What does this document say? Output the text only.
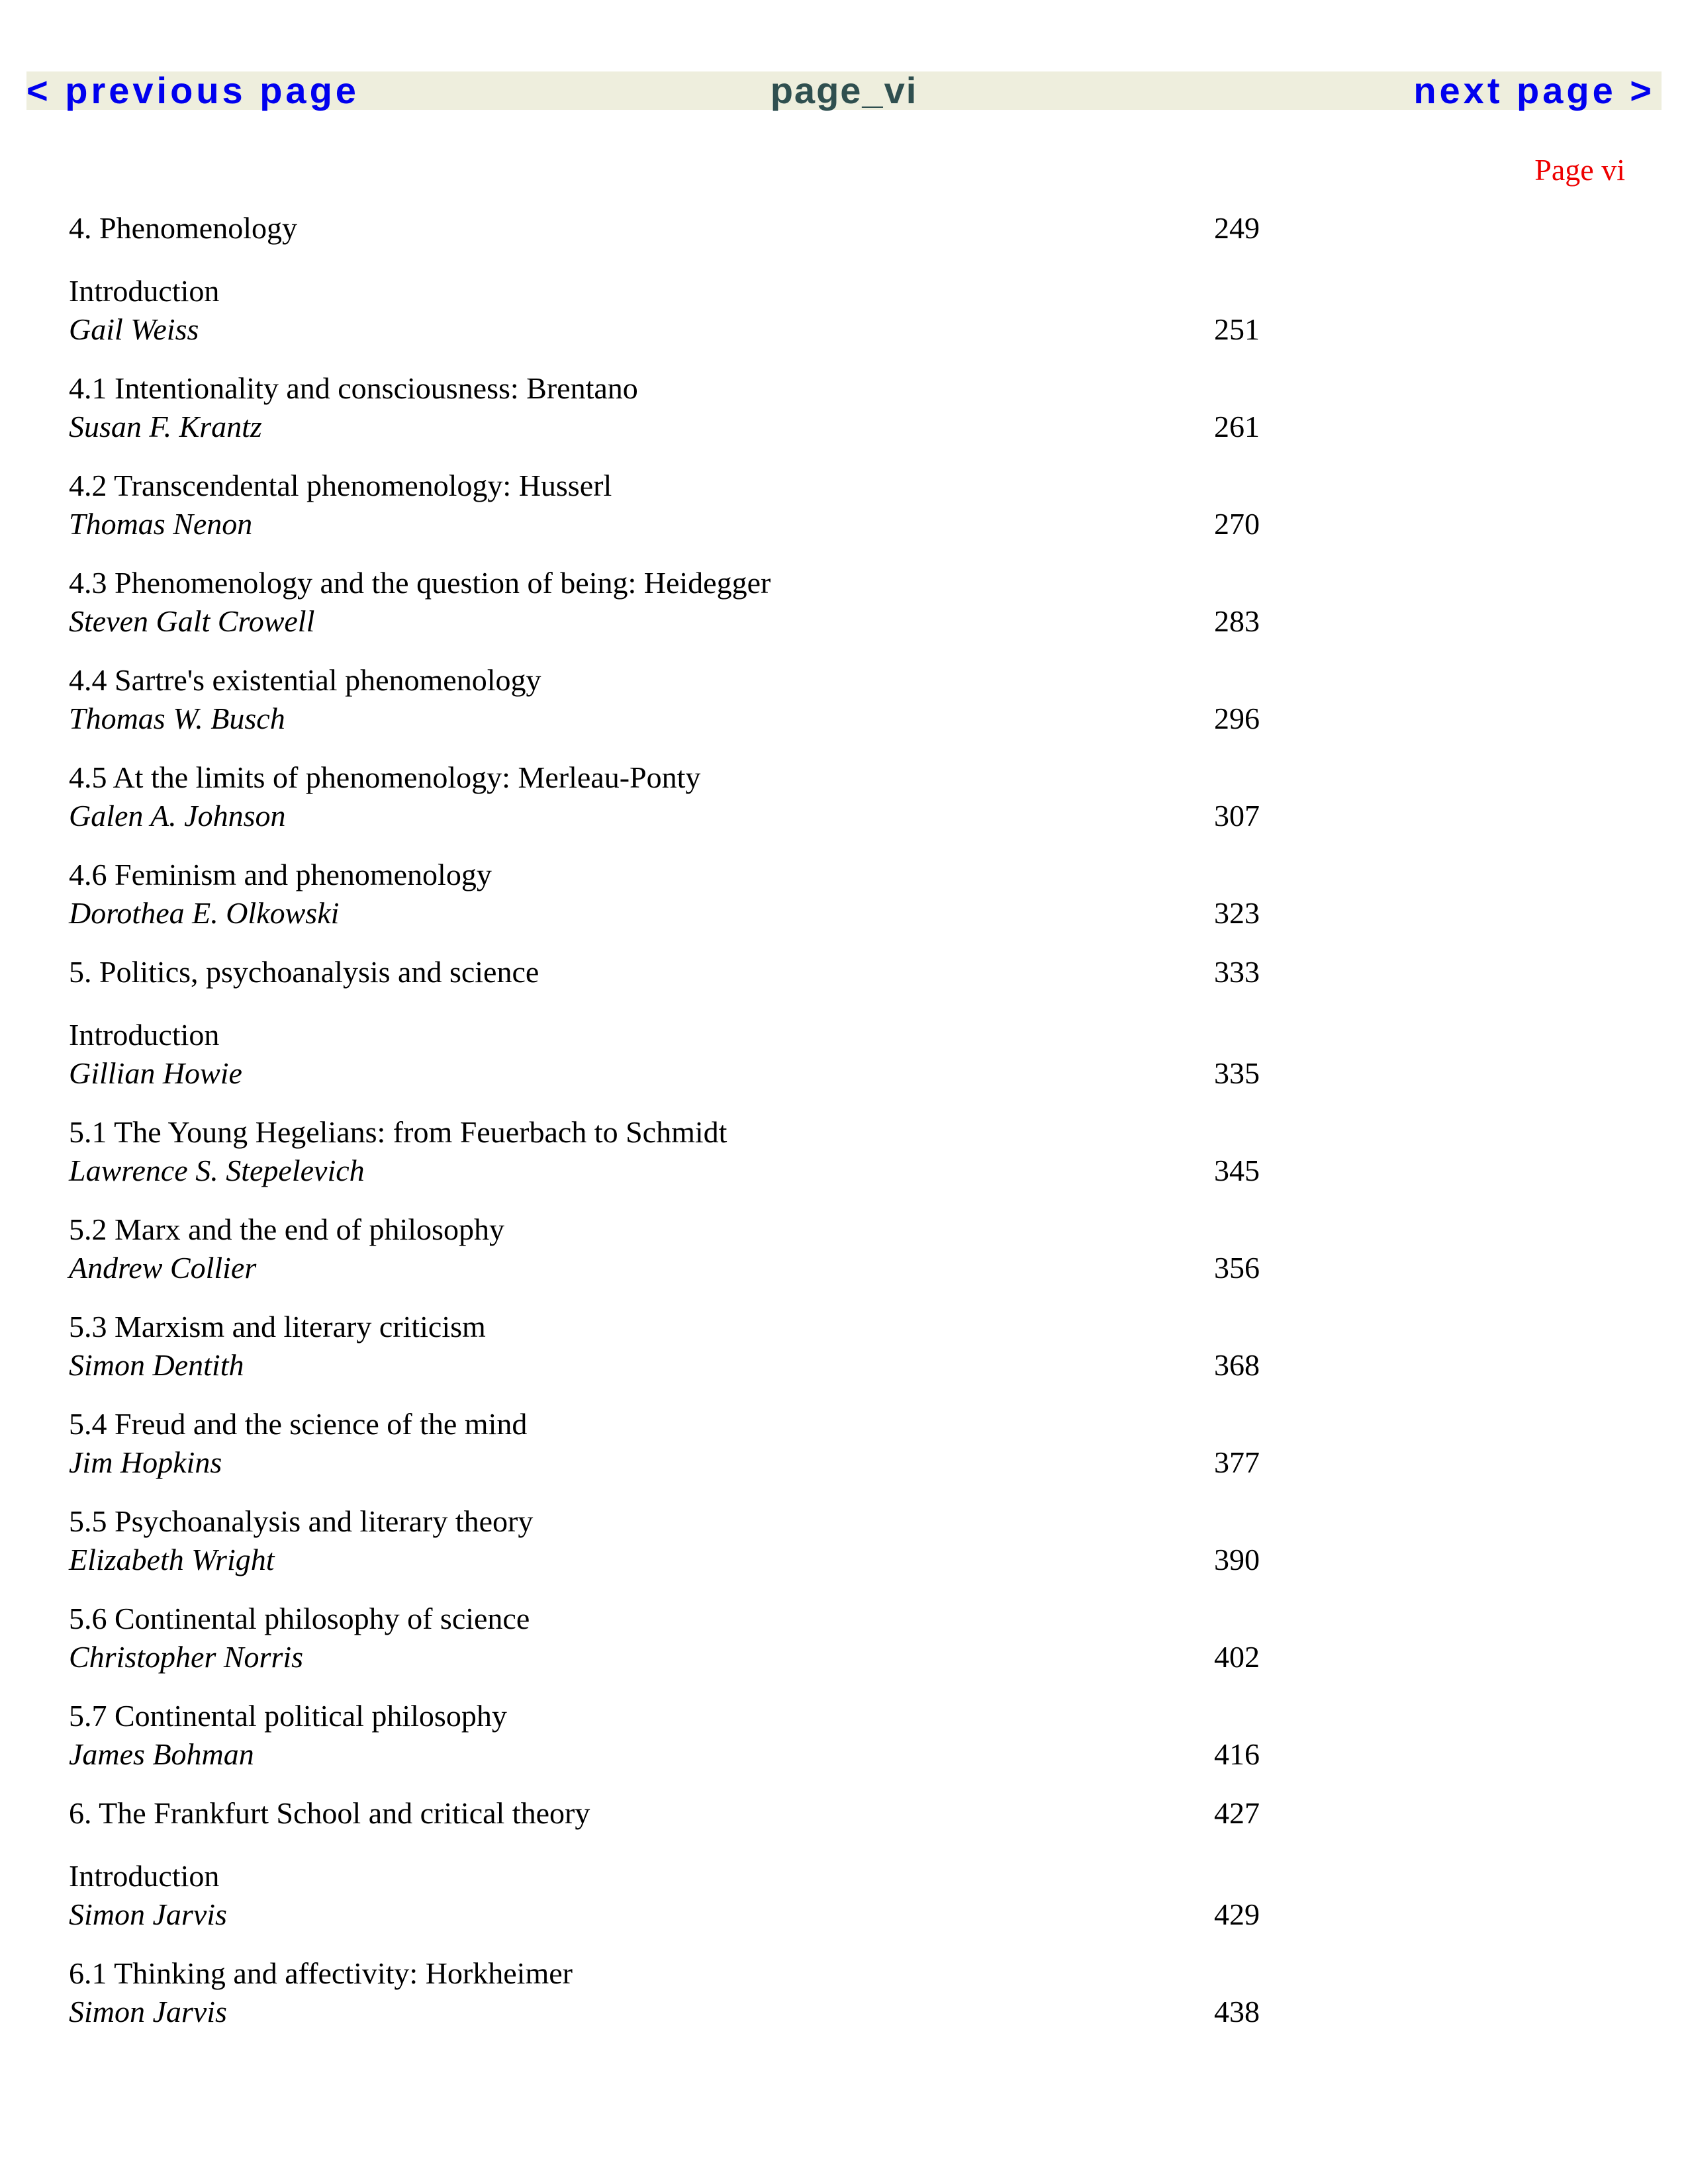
page_vi
< previous page	next page >
Page vi
4. Phenomenology	249
Introduction
Gail Weiss	251
4.1 Intentionality and consciousness: Brentano
Susan F. Krantz	261
4.2 Transcendental phenomenology: Husserl
Thomas Nenon	270
4.3 Phenomenology and the question of being: Heidegger
Steven Galt Crowell	283
4.4 Sartre's existential phenomenology
Thomas W. Busch	296
4.5 At the limits of phenomenology: Merleau-Ponty
Galen A. Johnson	307
4.6 Feminism and phenomenology
Dorothea E. Olkowski	323
5. Politics, psychoanalysis and science	333
Introduction
Gillian Howie	335
5.1 The Young Hegelians: from Feuerbach to Schmidt
Lawrence S. Stepelevich	345
5.2 Marx and the end of philosophy
Andrew Collier	356
5.3 Marxism and literary criticism
Simon Dentith	368
5.4 Freud and the science of the mind
Jim Hopkins	377
5.5 Psychoanalysis and literary theory
Elizabeth Wright	390
5.6 Continental philosophy of science
Christopher Norris	402
5.7 Continental political philosophy
James Bohman	416
6. The Frankfurt School and critical theory	427
Introduction
Simon Jarvis	429
6.1 Thinking and affectivity: Horkheimer
Simon Jarvis	438
